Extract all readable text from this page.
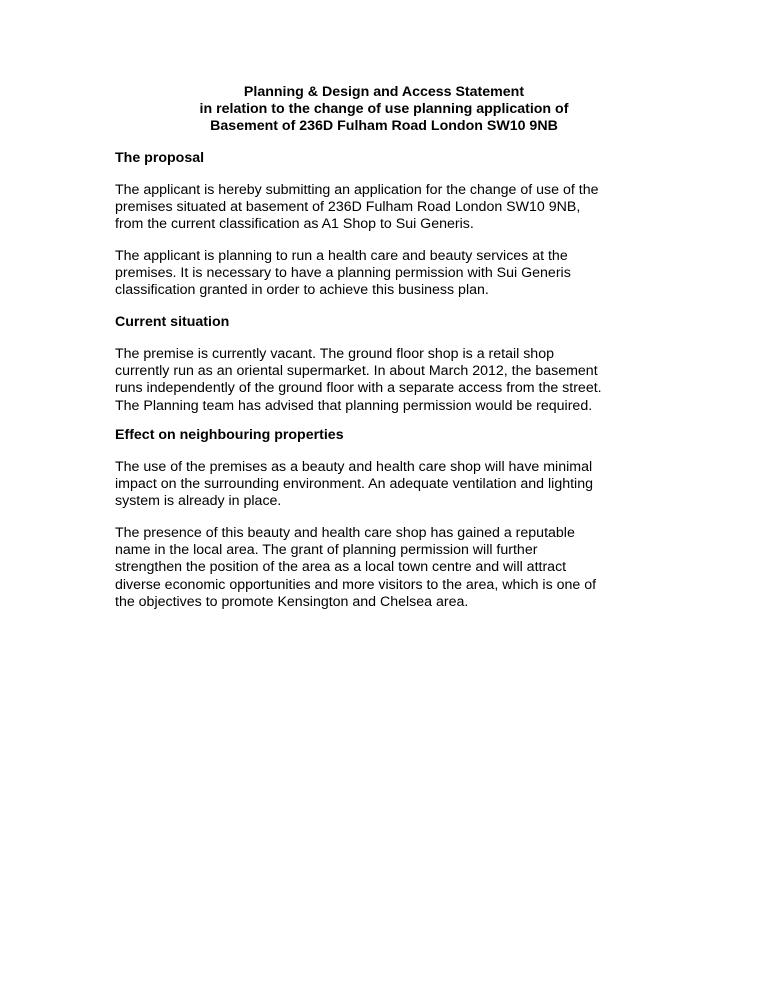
Planning & Design and Access Statement
in relation to the change of use planning application of
Basement of 236D Fulham Road London SW10 9NB
The proposal
The applicant is hereby submitting an application for the change of use of the
premises situated at basement of 236D Fulham Road London SW10 9NB,
from the current classification as A1 Shop to Sui Generis.
The applicant is planning to run a health care and beauty services at the
premises. It is necessary to have a planning permission with Sui Generis
classification granted in order to achieve this business plan.
Current situation
The premise is currently vacant. The ground floor shop is a retail shop
currently run as an oriental supermarket. In about March 2012, the basement
runs independently of the ground floor with a separate access from the street.
The Planning team has advised that planning permission would be required.
Effect on neighbouring properties
The use of the premises as a beauty and health care shop will have minimal
impact on the surrounding environment. An adequate ventilation and lighting
system is already in place.
The presence of this beauty and health care shop has gained a reputable
name in the local area. The grant of planning permission will further
strengthen the position of the area as a local town centre and will attract
diverse economic opportunities and more visitors to the area, which is one of
the objectives to promote Kensington and Chelsea area.
